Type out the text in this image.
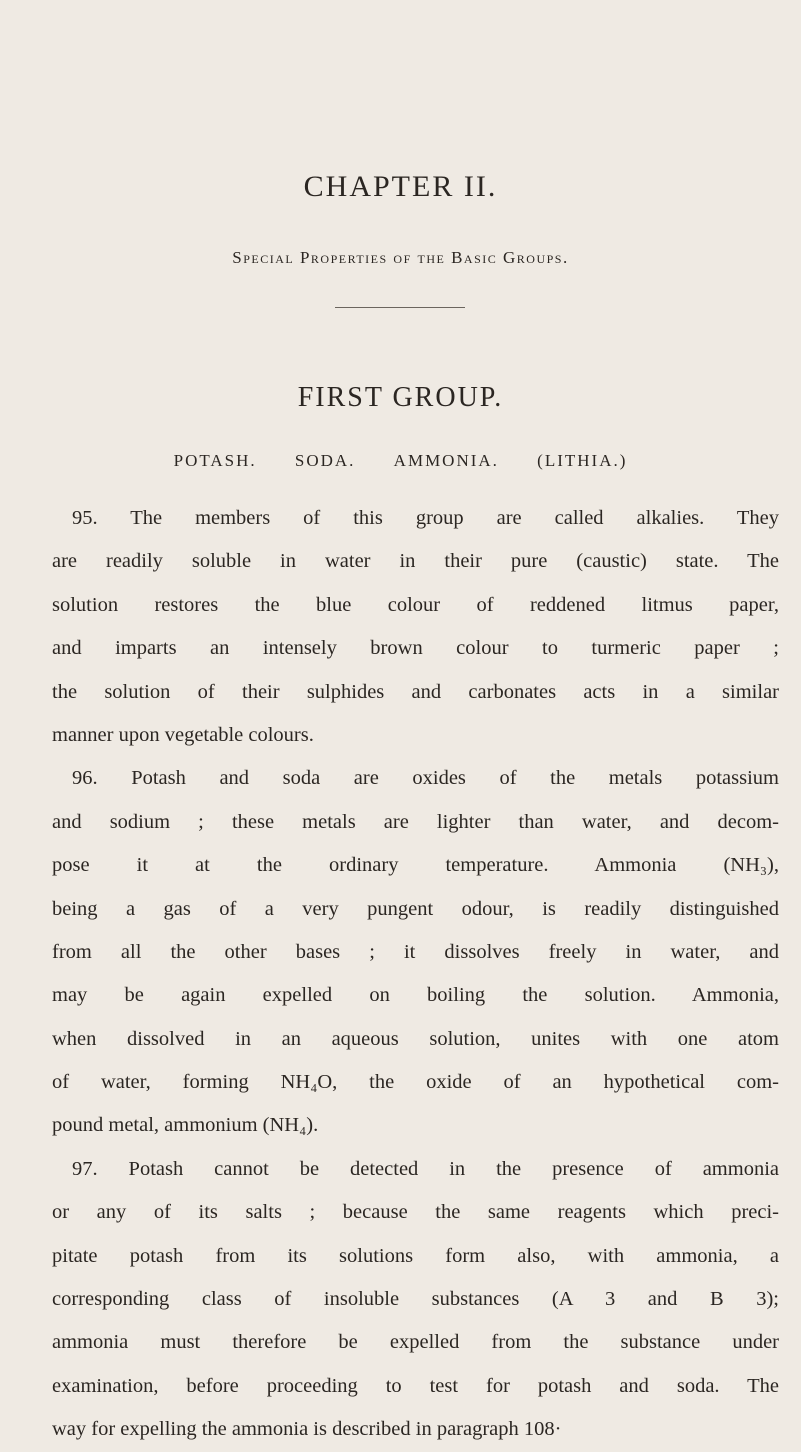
CHAPTER II.
Special Properties of the Basic Groups.
FIRST GROUP.
POTASH. SODA. AMMONIA. (LITHIA.)
95. The members of this group are called alkalies. They
are readily soluble in water in their pure (caustic) state. The
solution restores the blue colour of reddened litmus paper,
and imparts an intensely brown colour to turmeric paper ;
the solution of their sulphides and carbonates acts in a similar
manner upon vegetable colours.
96. Potash and soda are oxides of the metals potassium
and sodium ; these metals are lighter than water, and decom-
pose it at the ordinary temperature. Ammonia (NH₃),
being a gas of a very pungent odour, is readily distinguished
from all the other bases ; it dissolves freely in water, and
may be again expelled on boiling the solution. Ammonia,
when dissolved in an aqueous solution, unites with one atom
of water, forming NH₄O, the oxide of an hypothetical com-
pound metal, ammonium (NH₄).
97. Potash cannot be detected in the presence of ammonia
or any of its salts ; because the same reagents which preci-
pitate potash from its solutions form also, with ammonia, a
corresponding class of insoluble substances (A 3 and B 3);
ammonia must therefore be expelled from the substance under
examination, before proceeding to test for potash and soda. The
way for expelling the ammonia is described in paragraph 108·
